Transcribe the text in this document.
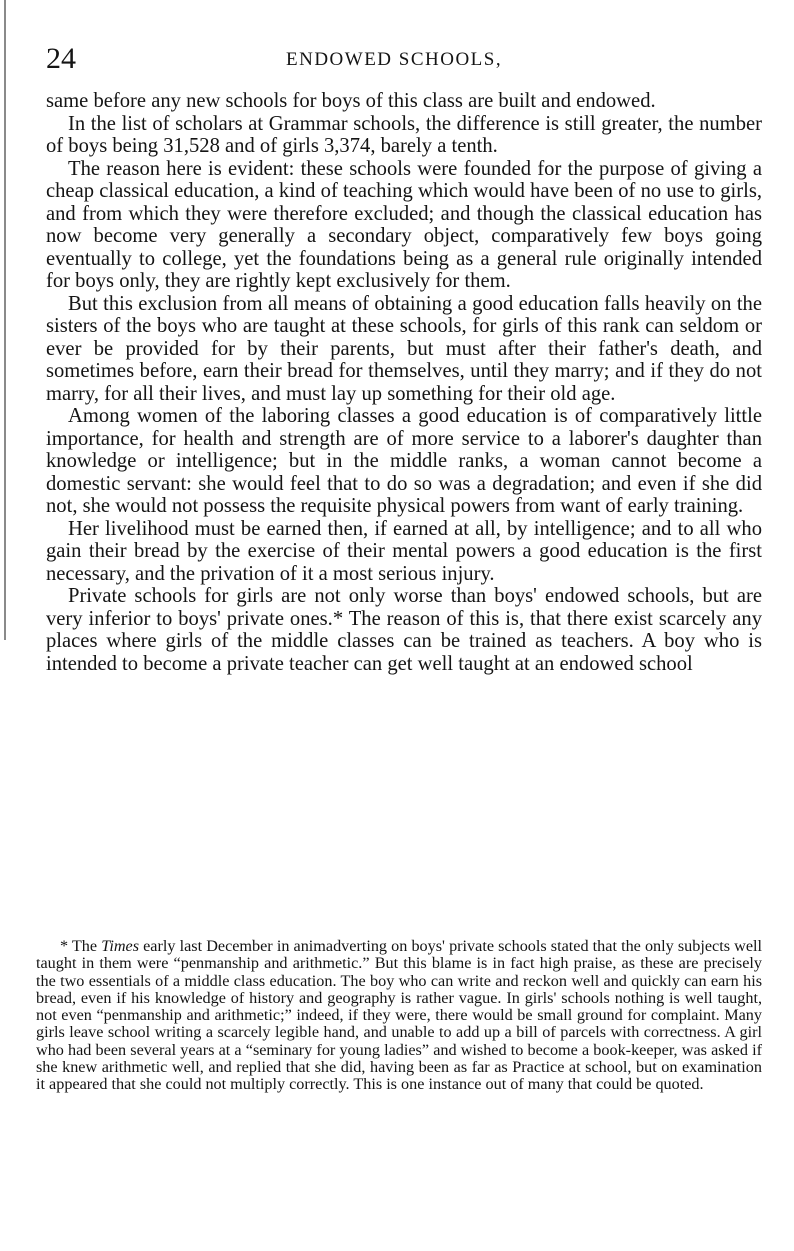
24	ENDOWED SCHOOLS,

same before any new schools for boys of this class are built and endowed.

In the list of scholars at Grammar schools, the difference is still greater, the number of boys being 31,528 and of girls 3,374, barely a tenth.

The reason here is evident: these schools were founded for the purpose of giving a cheap classical education, a kind of teaching which would have been of no use to girls, and from which they were therefore excluded; and though the classical education has now become very generally a secondary object, comparatively few boys going eventually to college, yet the foundations being as a general rule originally intended for boys only, they are rightly kept exclusively for them.

But this exclusion from all means of obtaining a good education falls heavily on the sisters of the boys who are taught at these schools, for girls of this rank can seldom or ever be provided for by their parents, but must after their father's death, and sometimes before, earn their bread for themselves, until they marry; and if they do not marry, for all their lives, and must lay up something for their old age.

Among women of the laboring classes a good education is of comparatively little importance, for health and strength are of more service to a laborer's daughter than knowledge or intelligence; but in the middle ranks, a woman cannot become a domestic servant: she would feel that to do so was a degradation; and even if she did not, she would not possess the requisite physical powers from want of early training.

Her livelihood must be earned then, if earned at all, by intelligence; and to all who gain their bread by the exercise of their mental powers a good education is the first necessary, and the privation of it a most serious injury.

Private schools for girls are not only worse than boys' endowed schools, but are very inferior to boys' private ones.* The reason of this is, that there exist scarcely any places where girls of the middle classes can be trained as teachers. A boy who is intended to become a private teacher can get well taught at an endowed school

* The Times early last December in animadverting on boys' private schools stated that the only subjects well taught in them were “penmanship and arithmetic.” But this blame is in fact high praise, as these are precisely the two essentials of a middle class education. The boy who can write and reckon well and quickly can earn his bread, even if his knowledge of history and geography is rather vague. In girls' schools nothing is well taught, not even “penmanship and arithmetic;” indeed, if they were, there would be small ground for complaint. Many girls leave school writing a scarcely legible hand, and unable to add up a bill of parcels with correctness. A girl who had been several years at a “seminary for young ladies” and wished to become a book-keeper, was asked if she knew arithmetic well, and replied that she did, having been as far as Practice at school, but on examination it appeared that she could not multiply correctly. This is one instance out of many that could be quoted.
